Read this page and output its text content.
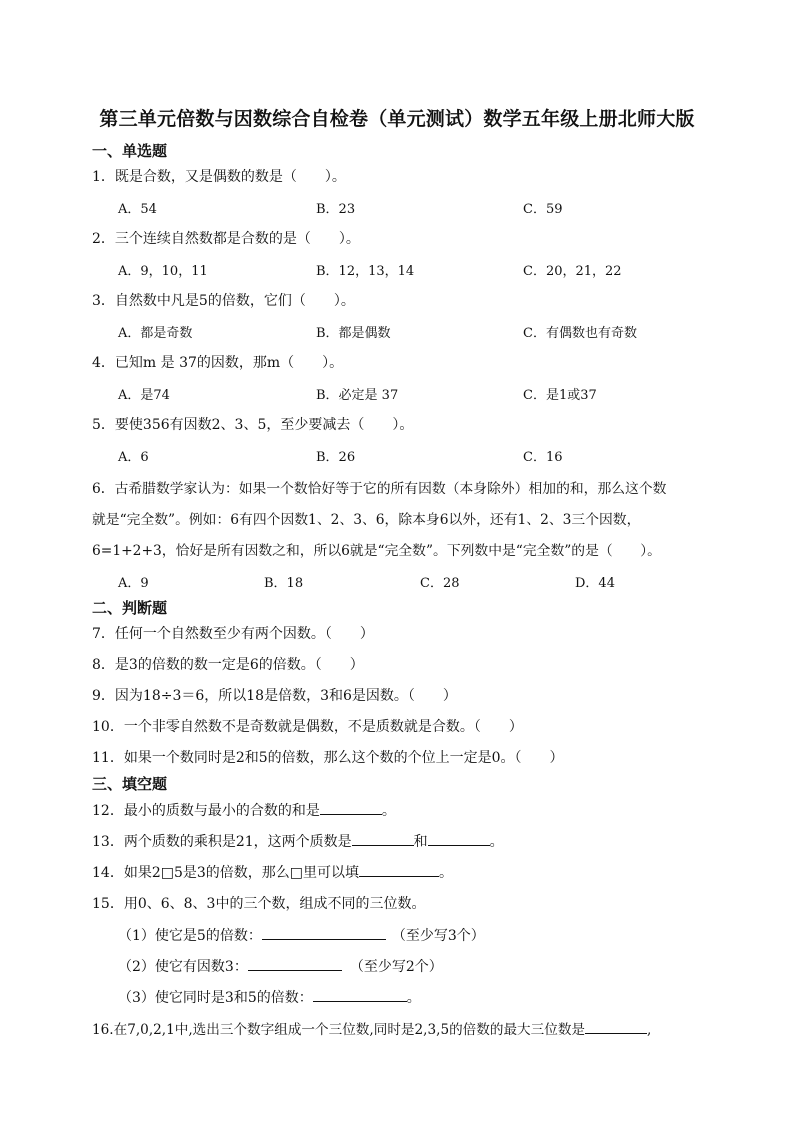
第三单元倍数与因数综合自检卷（单元测试）数学五年级上册北师大版
一、单选题
1．既是合数，又是偶数的数是（　　）。
A．54	B．23	C．59
2．三个连续自然数都是合数的是（　　）。
A．9，10，11	B．12，13，14	C．20，21，22
3．自然数中凡是5的倍数，它们（　　）。
A．都是奇数	B．都是偶数	C．有偶数也有奇数
4．已知m 是 37的因数，那m（　　）。
A．是74	B．必定是 37	C．是1或37
5．要使356有因数2、3、5，至少要减去（　　）。
A．6	B．26	C．16
6．古希腊数学家认为：如果一个数恰好等于它的所有因数（本身除外）相加的和，那么这个数
就是“完全数”。例如：6有四个因数1、2、3、6，除本身6以外，还有1、2、3三个因数，
6=1+2+3，恰好是所有因数之和，所以6就是“完全数”。下列数中是“完全数”的是（　　）。
A．9	B．18	C．28	D．44
二、判断题
7．任何一个自然数至少有两个因数。（　　）
8．是3的倍数的数一定是6的倍数。（　　）
9．因为18÷3＝6，所以18是倍数，3和6是因数。（　　）
10．一个非零自然数不是奇数就是偶数，不是质数就是合数。（　　）
11．如果一个数同时是2和5的倍数，那么这个数的个位上一定是0。（　　）
三、填空题
12．最小的质数与最小的合数的和是	。
13．两个质数的乘积是21，这两个质数是	和	。
14．如果2□5是3的倍数，那么□里可以填	。
15．用0、6、8、3中的三个数，组成不同的三位数。
（1）使它是5的倍数：	（至少写3个）
（2）使它有因数3：	（至少写2个）
（3）使它同时是3和5的倍数：	。
16.在7,0,2,1中,选出三个数字组成一个三位数,同时是2,3,5的倍数的最大三位数是	,
